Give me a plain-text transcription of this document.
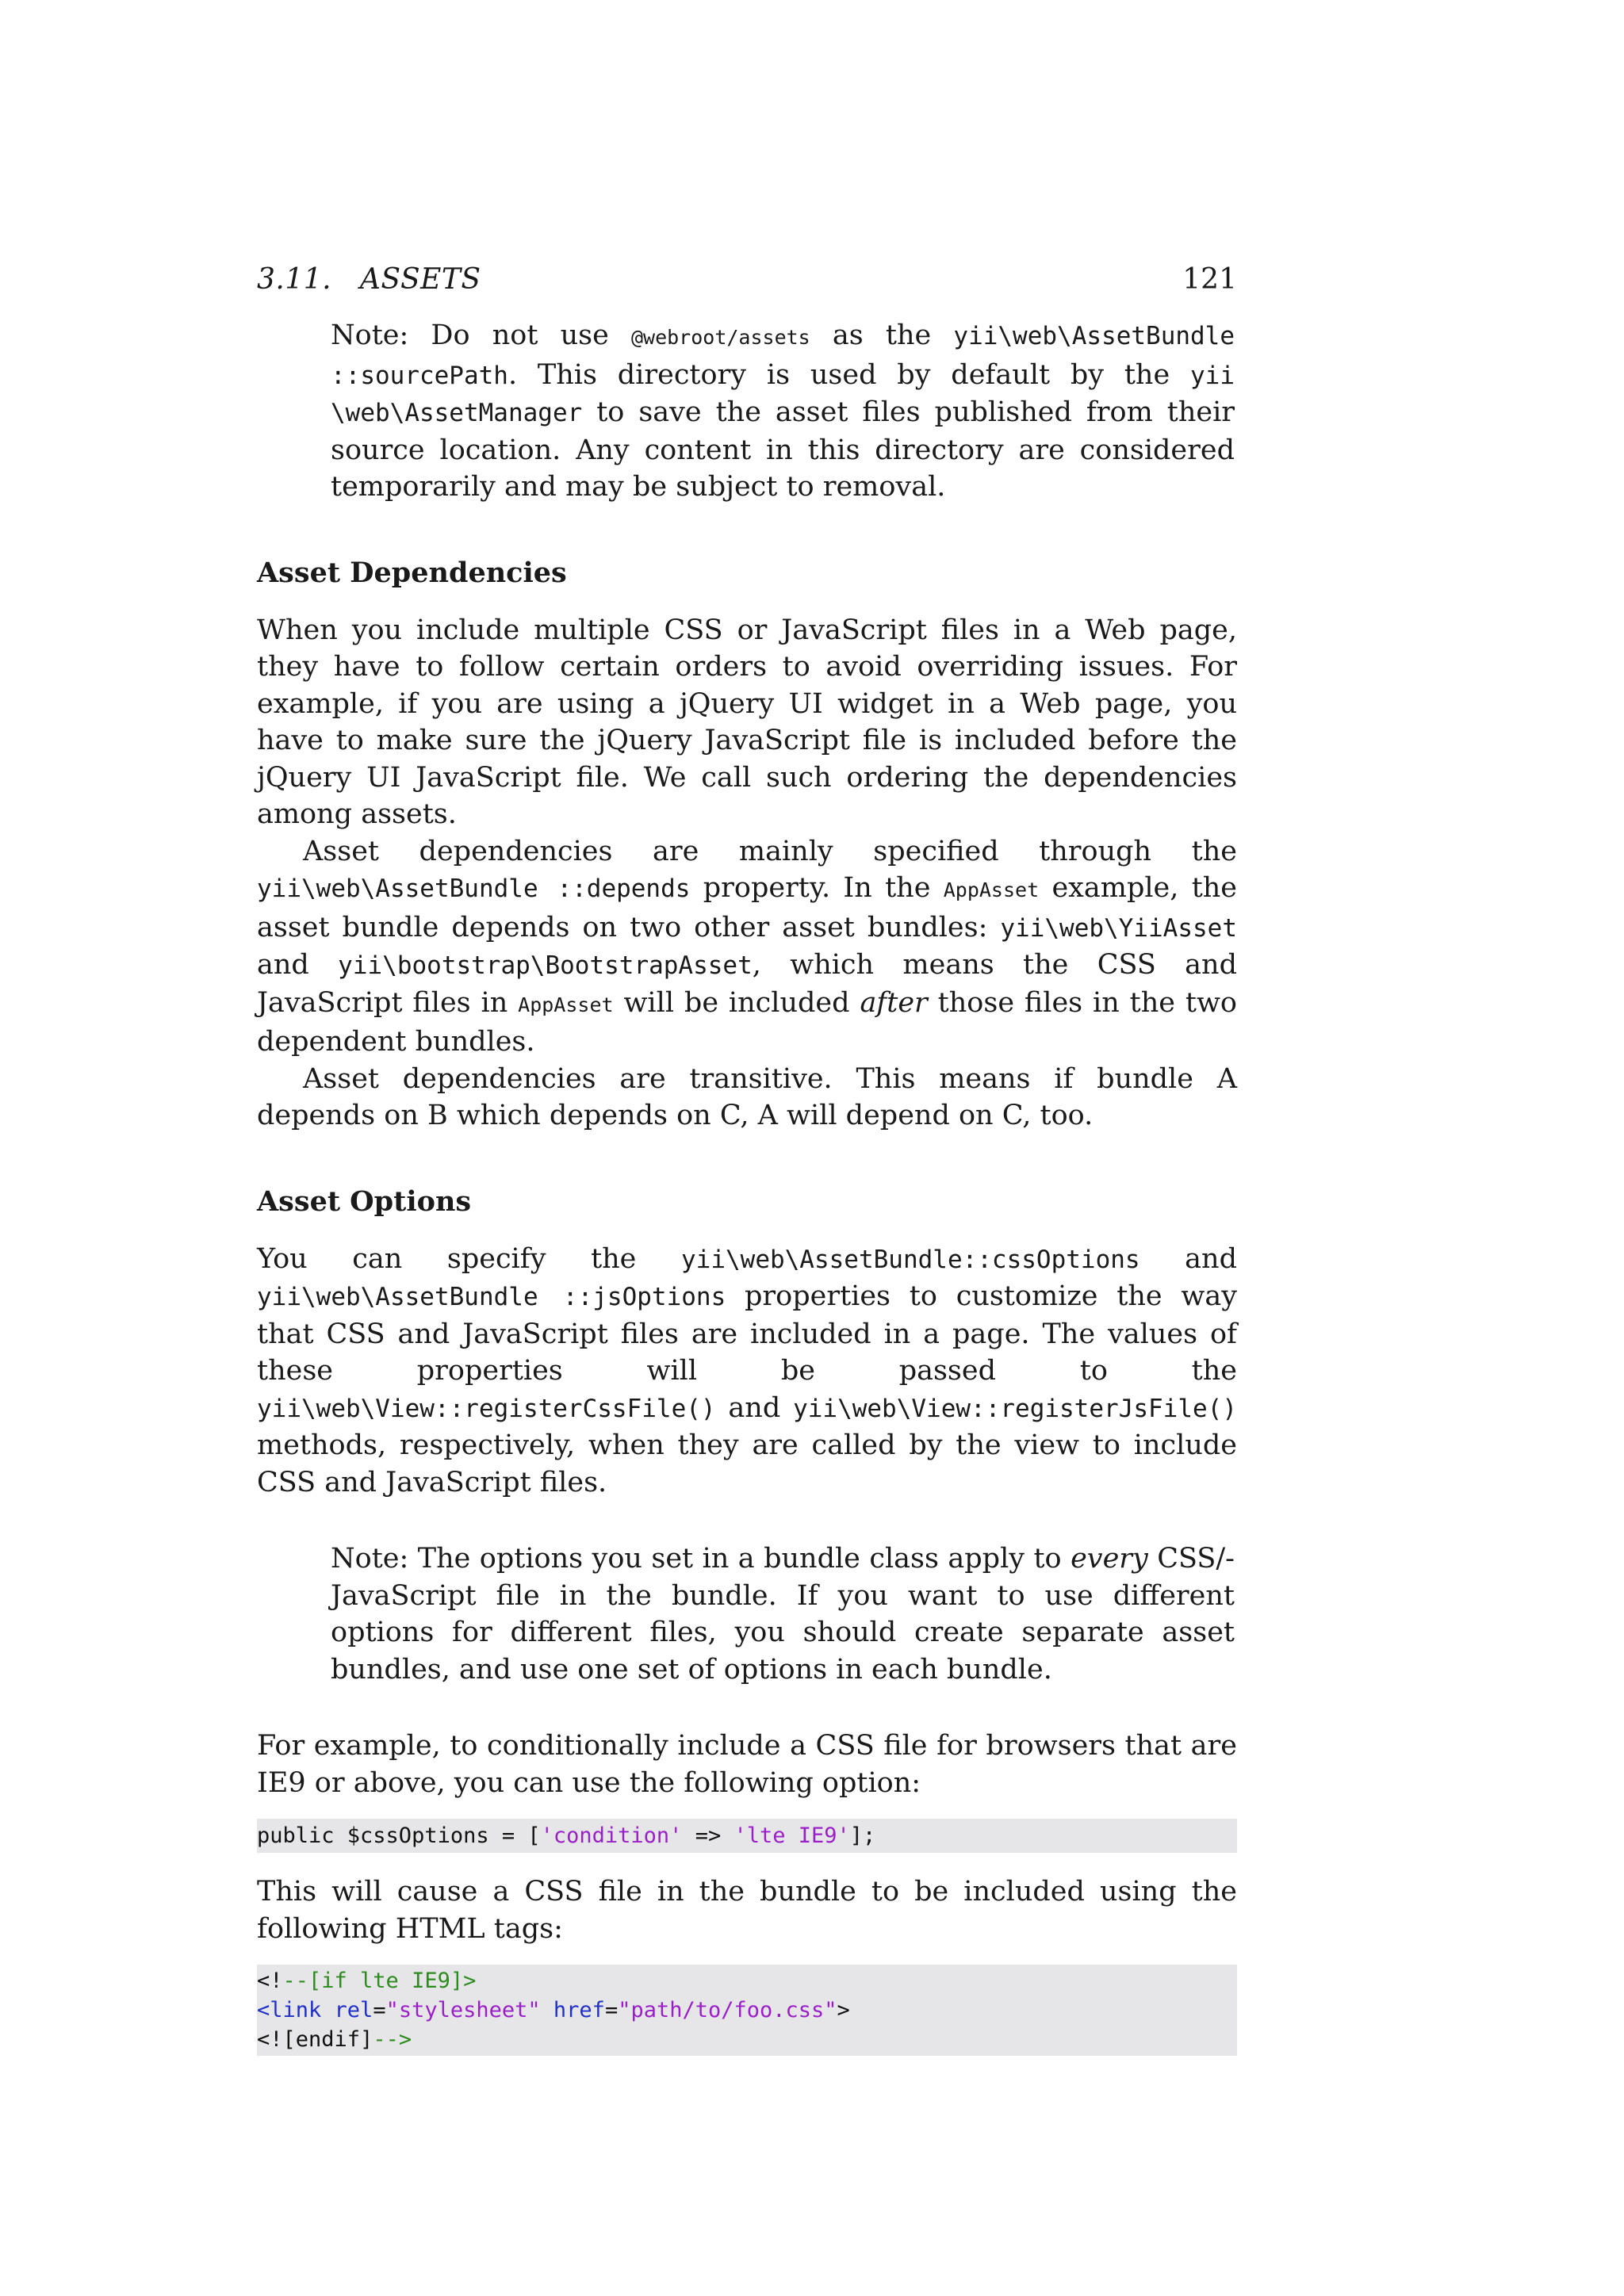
3.11.   ASSETS	121
Note: Do not use @webroot/assets as the yii\web\AssetBundle ::sourcePath. This directory is used by default by the yii \web\AssetManager to save the asset files published from their source location. Any content in this directory are considered temporarily and may be subject to removal.
Asset Dependencies

When you include multiple CSS or JavaScript files in a Web page, they have to follow certain orders to avoid overriding issues. For example, if you are using a jQuery UI widget in a Web page, you have to make sure the jQuery JavaScript file is included before the jQuery UI JavaScript file. We call such ordering the dependencies among assets.

Asset dependencies are mainly specified through the yii\web\AssetBundle ::depends property. In the AppAsset example, the asset bundle depends on two other asset bundles: yii\web\YiiAsset and yii\bootstrap\BootstrapAsset, which means the CSS and JavaScript files in AppAsset will be included after those files in the two dependent bundles.

Asset dependencies are transitive. This means if bundle A depends on B which depends on C, A will depend on C, too.

Asset Options

You can specify the yii\web\AssetBundle::cssOptions and yii\web\AssetBundle ::jsOptions properties to customize the way that CSS and JavaScript files are included in a page. The values of these properties will be passed to the yii\web\View::registerCssFile() and yii\web\View::registerJsFile() methods, respectively, when they are called by the view to include CSS and JavaScript files.

Note: The options you set in a bundle class apply to every CSS/- JavaScript file in the bundle. If you want to use different options for different files, you should create separate asset bundles, and use one set of options in each bundle.

For example, to conditionally include a CSS file for browsers that are IE9 or above, you can use the following option:

public $cssOptions = ['condition' => 'lte IE9'];

This will cause a CSS file in the bundle to be included using the following HTML tags:

<!--[if lte IE9]>
<link rel="stylesheet" href="path/to/foo.css">
<![endif]-->
